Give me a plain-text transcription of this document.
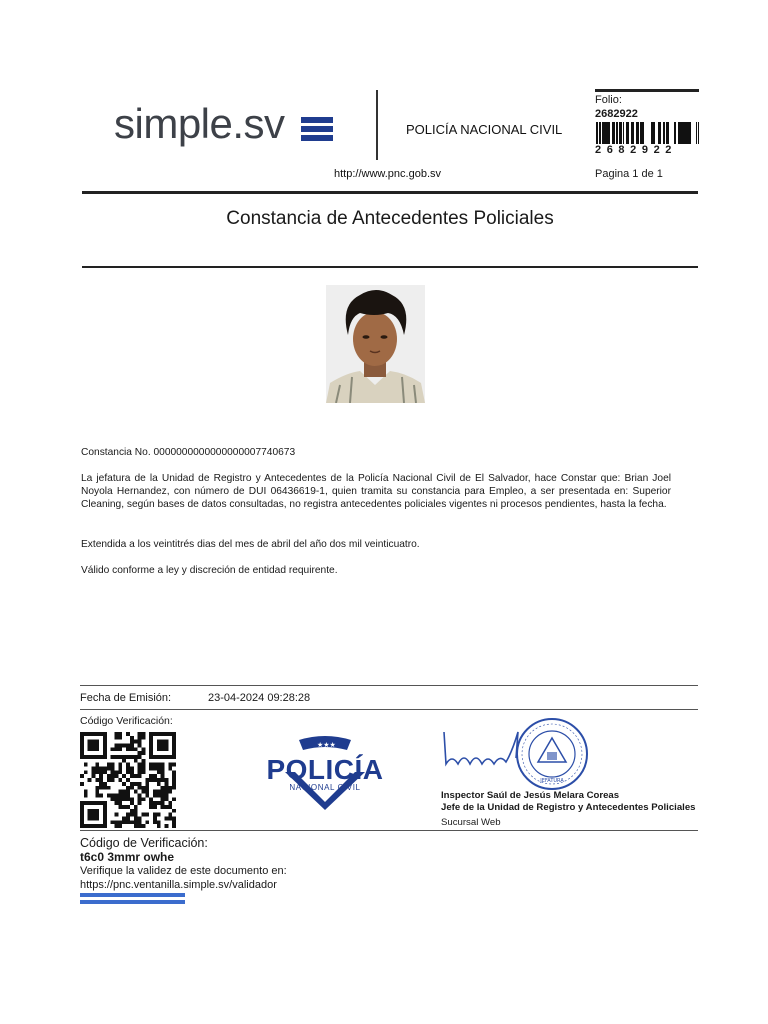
simple.sv	POLICÍA NACIONAL CIVIL
http://www.pnc.gob.sv
Folio:
2682922
2682922
Pagina 1 de 1
Constancia de Antecedentes Policiales
Constancia No. 0000000000000000007740673
La jefatura de la Unidad de Registro y Antecedentes de la Policía Nacional Civil de El Salvador, hace Constar que: Brian Joel Noyola Hernandez, con número de DUI 06436619-1, quien tramita su constancia para Empleo, a ser presentada en: Superior Cleaning, según bases de datos consultadas, no registra antecedentes policiales vigentes ni procesos pendientes, hasta la fecha.
Extendida a los veintitrés dias del mes de abril del año dos mil veinticuatro.
Válido conforme a ley y discreción de entidad requirente.
Fecha de Emisión:	23-04-2024 09:28:28
Código Verificación:
★★★
POLICÍA
NACIONAL CIVIL
JEFATURA
Inspector Saúl de Jesús Melara Coreas
Jefe de la Unidad de Registro y Antecedentes Policiales
Sucursal Web
Código de Verificación:
t6c0 3mmr owhe
Verifique la validez de este documento en:
https://pnc.ventanilla.simple.sv/validador
